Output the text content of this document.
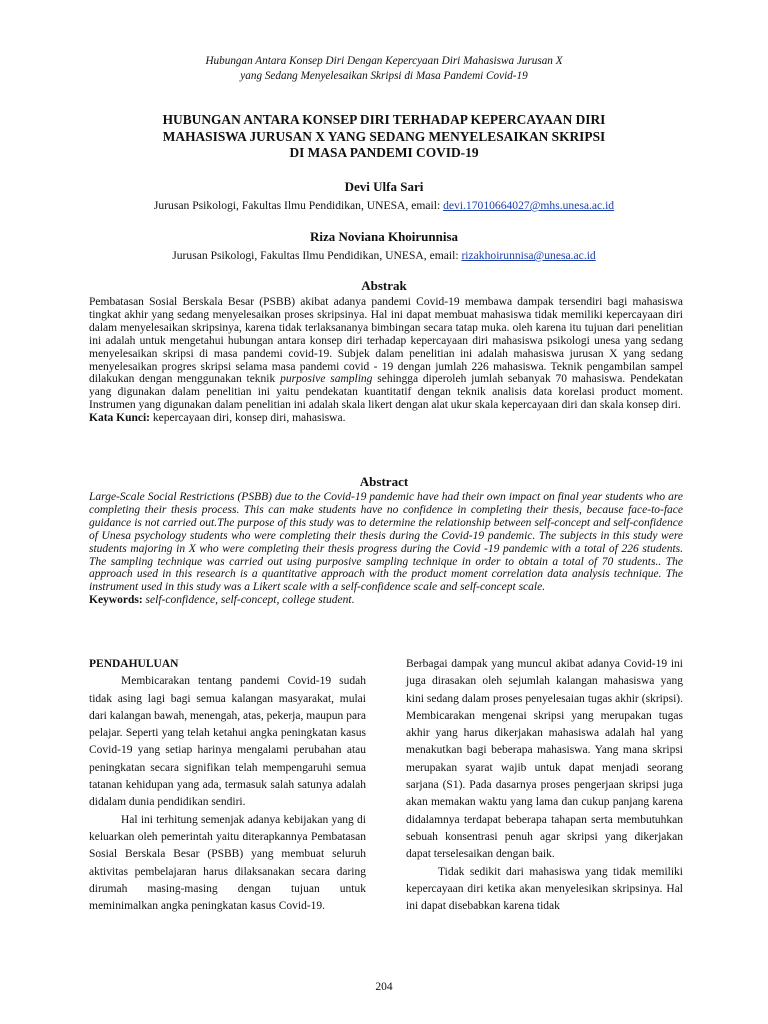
Hubungan Antara Konsep Diri Dengan Kepercyaan Diri Mahasiswa Jurusan X
yang Sedang Menyelesaikan Skripsi di Masa Pandemi Covid-19
HUBUNGAN ANTARA KONSEP DIRI TERHADAP KEPERCAYAAN DIRI
MAHASISWA JURUSAN X YANG SEDANG MENYELESAIKAN SKRIPSI
DI MASA PANDEMI COVID-19
Devi Ulfa Sari
Jurusan Psikologi, Fakultas Ilmu Pendidikan, UNESA, email: devi.17010664027@mhs.unesa.ac.id
Riza Noviana Khoirunnisa
Jurusan Psikologi, Fakultas Ilmu Pendidikan, UNESA, email: rizakhoirunnisa@unesa.ac.id
Abstrak

Pembatasan Sosial Berskala Besar (PSBB) akibat adanya pandemi Covid-19 membawa dampak tersendiri bagi mahasiswa tingkat akhir yang sedang menyelesaikan proses skripsinya. Hal ini dapat membuat mahasiswa tidak memiliki kepercayaan diri dalam menyelesaikan skripsinya, karena tidak terlaksananya bimbingan secara tatap muka. oleh karena itu tujuan dari penelitian ini adalah untuk mengetahui hubungan antara konsep diri terhadap kepercayaan diri mahasiswa psikologi unesa yang sedang menyelesaikan skripsi di masa pandemi covid-19. Subjek dalam penelitian ini adalah mahasiswa jurusan X yang sedang menyelesaikan progres skripsi selama masa pandemi covid - 19 dengan jumlah 226 mahasiswa. Teknik pengambilan sampel dilakukan dengan menggunakan teknik purposive sampling sehingga diperoleh jumlah sebanyak 70 mahasiswa. Pendekatan yang digunakan dalam penelitian ini yaitu pendekatan kuantitatif dengan teknik analisis data korelasi product moment. Instrumen yang digunakan dalam penelitian ini adalah skala likert dengan alat ukur skala kepercayaan diri dan skala konsep diri.

Kata Kunci: kepercayaan diri, konsep diri, mahasiswa.

Abstract

Large-Scale Social Restrictions (PSBB) due to the Covid-19 pandemic have had their own impact on final year students who are completing their thesis process. This can make students have no confidence in completing their thesis, because face-to-face guidance is not carried out.The purpose of this study was to determine the relationship between self-concept and self-confidence of Unesa psychology students who were completing their thesis during the Covid-19 pandemic. The subjects in this study were students majoring in X who were completing their thesis progress during the Covid -19 pandemic with a total of 226 students. The sampling technique was carried out using purposive sampling technique in order to obtain a total of 70 students.. The approach used in this research is a quantitative approach with the product moment correlation data analysis technique. The instrument used in this study was a Likert scale with a self-confidence scale and self-concept scale.

Keywords: self-confidence, self-concept, college student.

PENDAHULUAN

Membicarakan tentang pandemi Covid-19 sudah tidak asing lagi bagi semua kalangan masyarakat, mulai dari kalangan bawah, menengah, atas, pekerja, maupun para pelajar. Seperti yang telah ketahui angka peningkatan kasus Covid-19 yang setiap harinya mengalami perubahan atau peningkatan secara signifikan telah mempengaruhi semua tatanan kehidupan yang ada, termasuk salah satunya adalah didalam dunia pendidikan sendiri.

Hal ini terhitung semenjak adanya kebijakan yang di keluarkan oleh pemerintah yaitu diterapkannya Pembatasan Sosial Berskala Besar (PSBB) yang membuat seluruh aktivitas pembelajaran harus dilaksanakan secara daring dirumah masing-masing dengan tujuan untuk meminimalkan angka peningkatan kasus Covid-19.

Berbagai dampak yang muncul akibat adanya Covid-19 ini juga dirasakan oleh sejumlah kalangan mahasiswa yang kini sedang dalam proses penyelesaian tugas akhir (skripsi). Membicarakan mengenai skripsi yang merupakan tugas akhir yang harus dikerjakan mahasiswa adalah hal yang menakutkan bagi beberapa mahasiswa. Yang mana skripsi merupakan syarat wajib untuk dapat menjadi seorang sarjana (S1). Pada dasarnya proses pengerjaan skripsi juga akan memakan waktu yang lama dan cukup panjang karena didalamnya terdapat beberapa tahapan serta membutuhkan sebuah konsentrasi penuh agar skripsi yang dikerjakan dapat terselesaikan dengan baik.

Tidak sedikit dari mahasiswa yang tidak memiliki kepercayaan diri ketika akan menyelesikan skripsinya. Hal ini dapat disebabkan karena tidak

204
